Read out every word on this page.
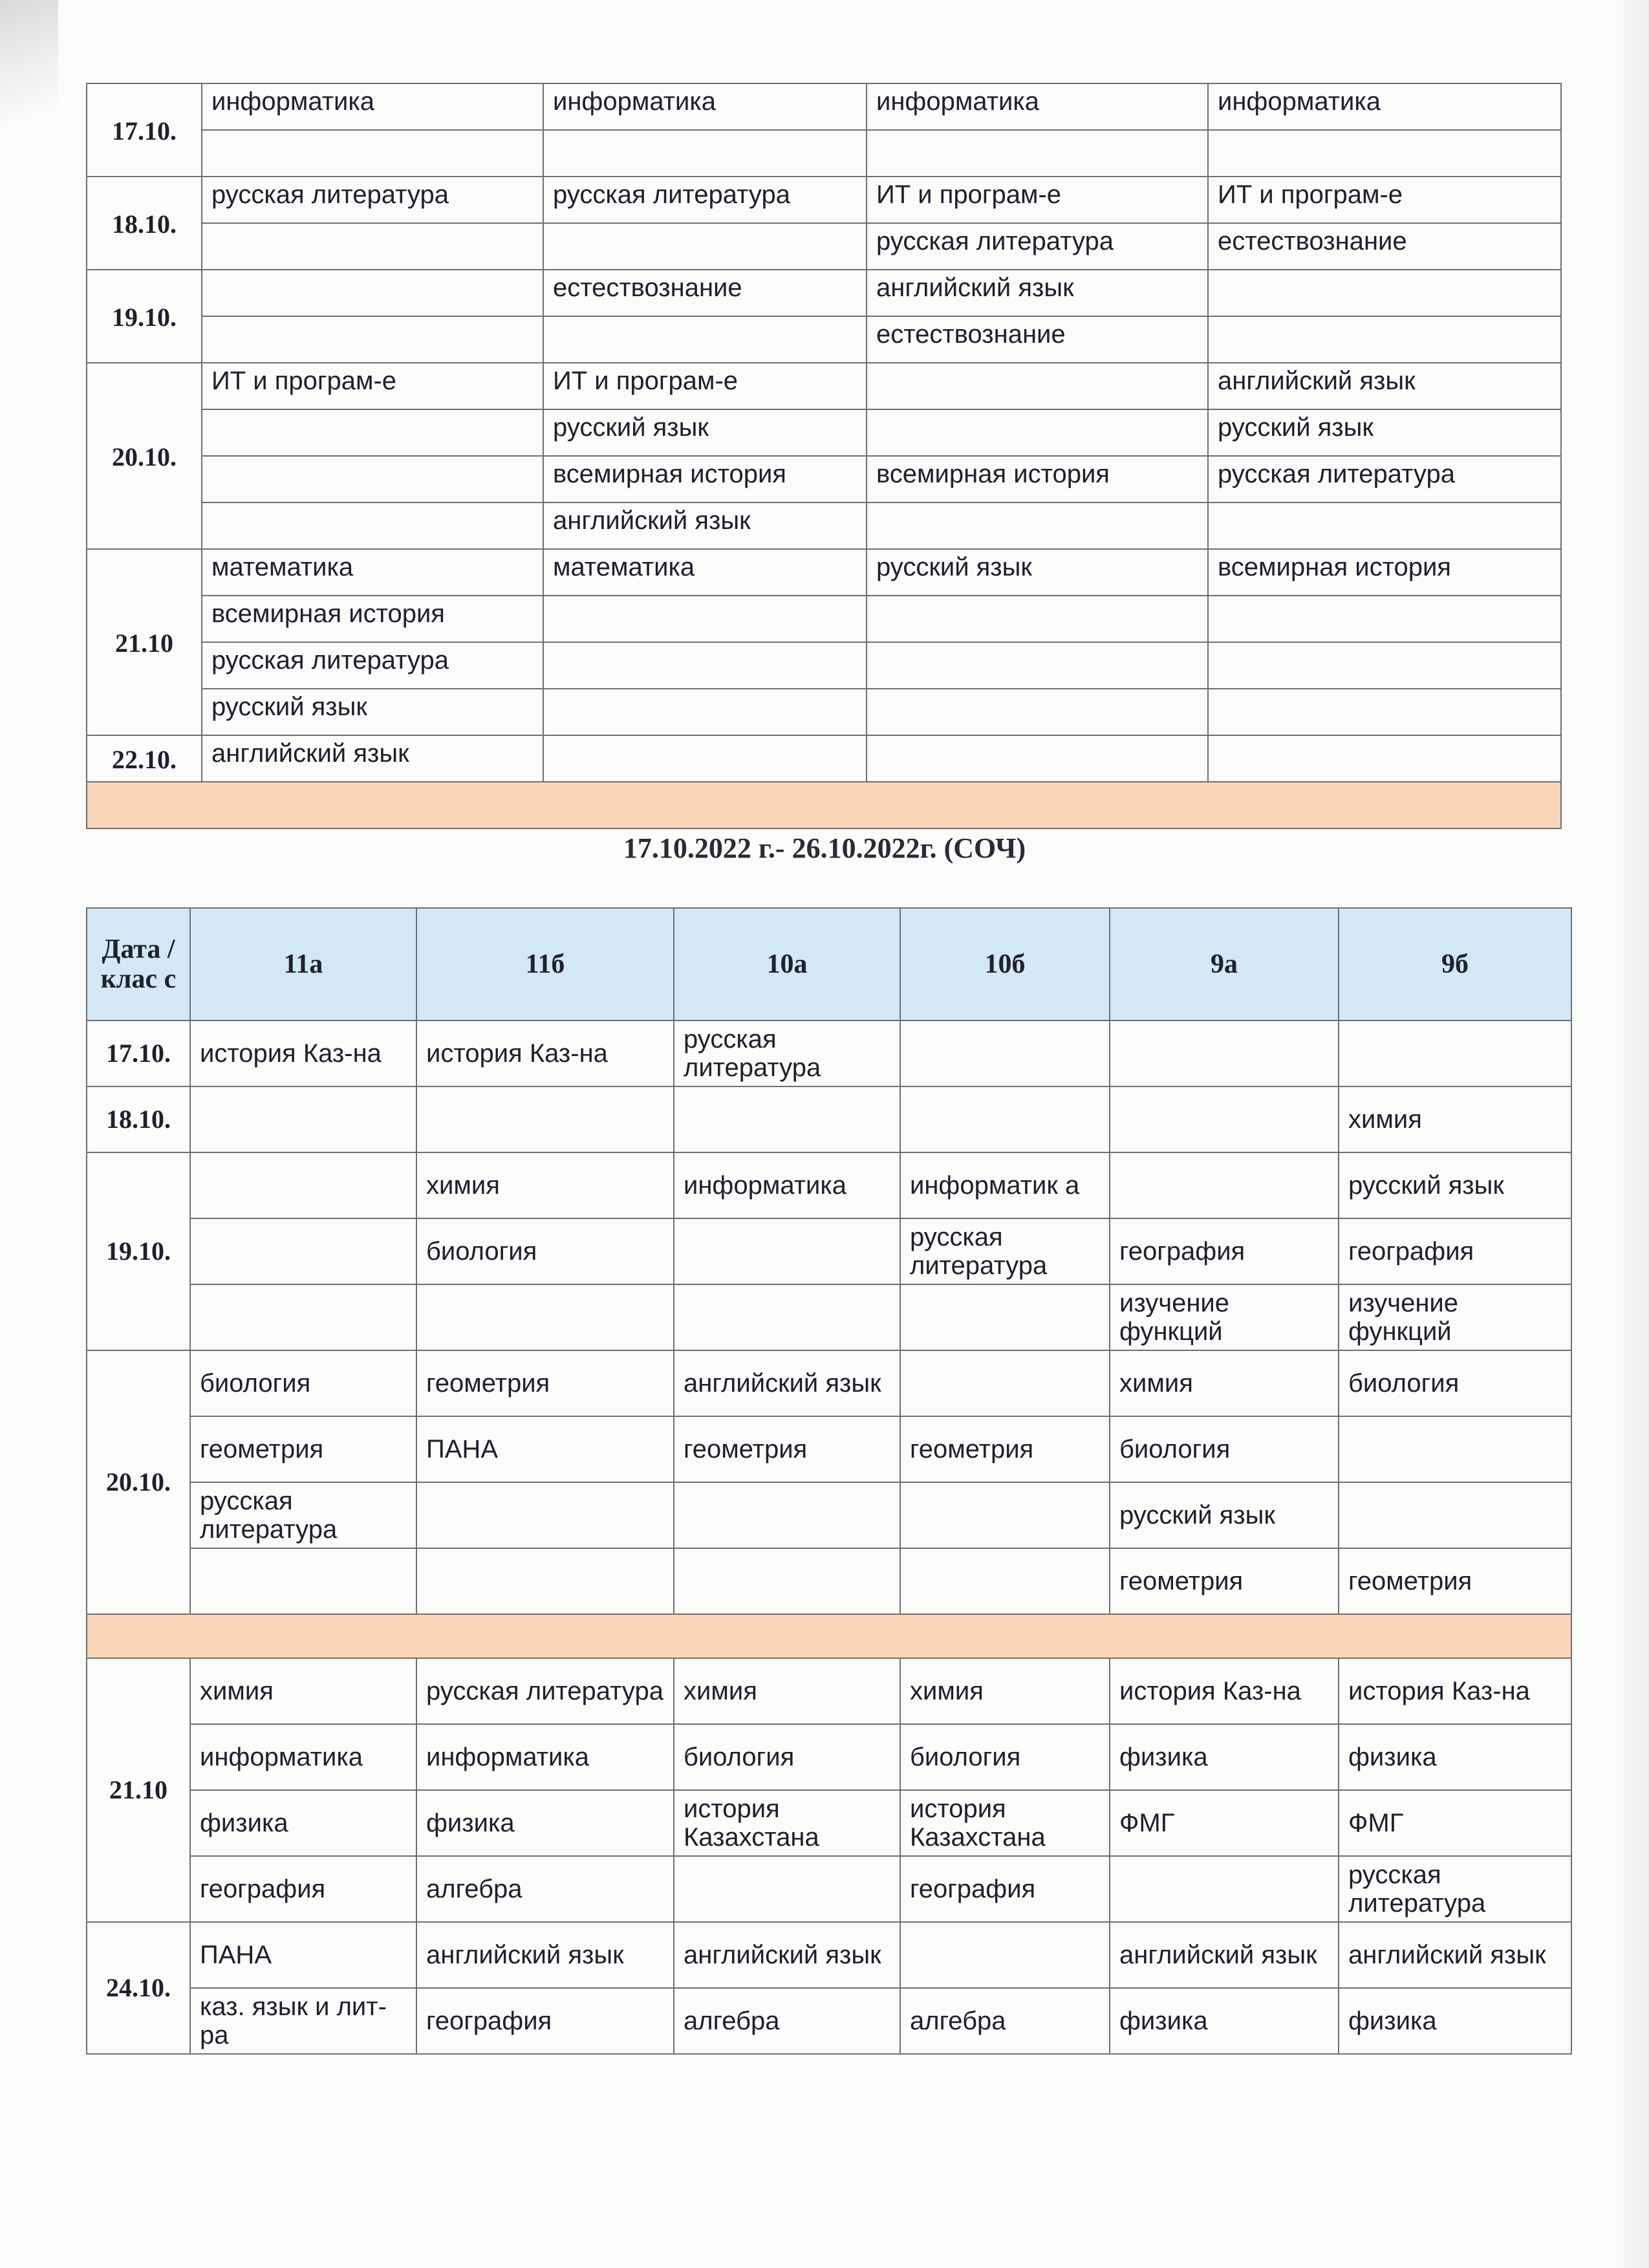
17.10.	информатика	информатика	информатика	информатика

18.10.	русская литература	русская литература	ИТ и програм-е	ИТ и програм-е
			русская литература	естествознание
19.10.		естествознание	английский язык	
			естествознание	
20.10.	ИТ и програм-е	ИТ и програм-е		английский язык
		русский язык		русский язык
		всемирная история	всемирная история	русская литература
		английский язык		
21.10	математика	математика	русский язык	всемирная история
	всемирная история			
	русская литература			
	русский язык			
22.10.	английский язык			

17.10.2022 г.- 26.10.2022г. (СОЧ)
Дата /клас с	11а	11б	10а	10б	9а	9б
17.10.	история Каз-на	история Каз-на	русская литература			
18.10.						химия
19.10.		химия	информатика	информатик а		русский язык
		биология		русская литература	география	география
					изучение функций	изучение функций
20.10.	биология	геометрия	английский язык		химия	биология
	геометрия	ПАНА	геометрия	геометрия	биология	
	русская литература				русский язык	
					геометрия	геометрия

21.10	химия	русская литература	химия	химия	история Каз-на	история Каз-на
	информатика	информатика	биология	биология	физика	физика
	физика	физика	история Казахстана	история Казахстана	ФМГ	ФМГ
	география	алгебра		география		русская литература
24.10.	ПАНА	английский язык	английский язык		английский язык	английский язык
	каз. язык и лит-ра	география	алгебра	алгебра	физика	физика
